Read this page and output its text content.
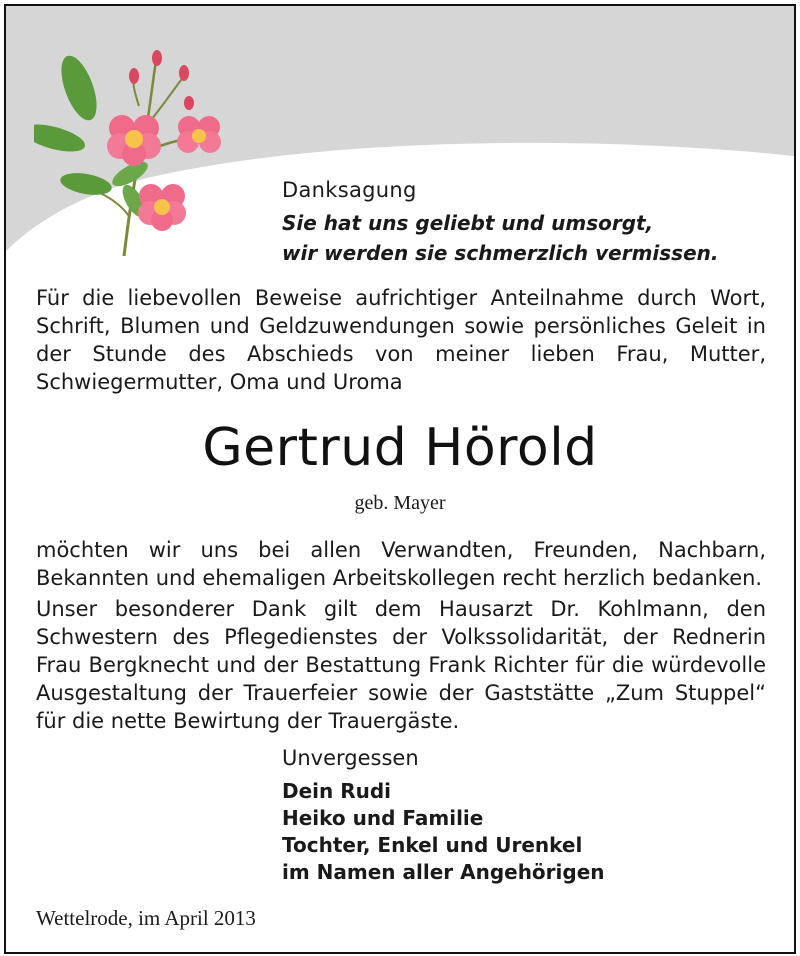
Danksagung
Sie hat uns geliebt und umsorgt,
wir werden sie schmerzlich vermissen.
Für die liebevollen Beweise aufrichtiger Anteilnahme durch Wort, Schrift, Blumen und Geldzuwendungen sowie persönliches Geleit in der Stunde des Abschieds von meiner lieben Frau, Mutter, Schwiegermutter, Oma und Uroma
Gertrud Hörold
geb. Mayer
möchten wir uns bei allen Verwandten, Freunden, Nachbarn, Bekannten und ehemaligen Arbeitskollegen recht herzlich bedanken.
Unser besonderer Dank gilt dem Hausarzt Dr. Kohlmann, den Schwestern des Pflegedienstes der Volkssolidarität, der Rednerin Frau Bergknecht und der Bestattung Frank Richter für die würdevolle Ausgestaltung der Trauerfeier sowie der Gaststätte „Zum Stuppel“ für die nette Bewirtung der Trauergäste.
Unvergessen
Dein Rudi
Heiko und Familie
Tochter, Enkel und Urenkel
im Namen aller Angehörigen
Wettelrode, im April 2013
